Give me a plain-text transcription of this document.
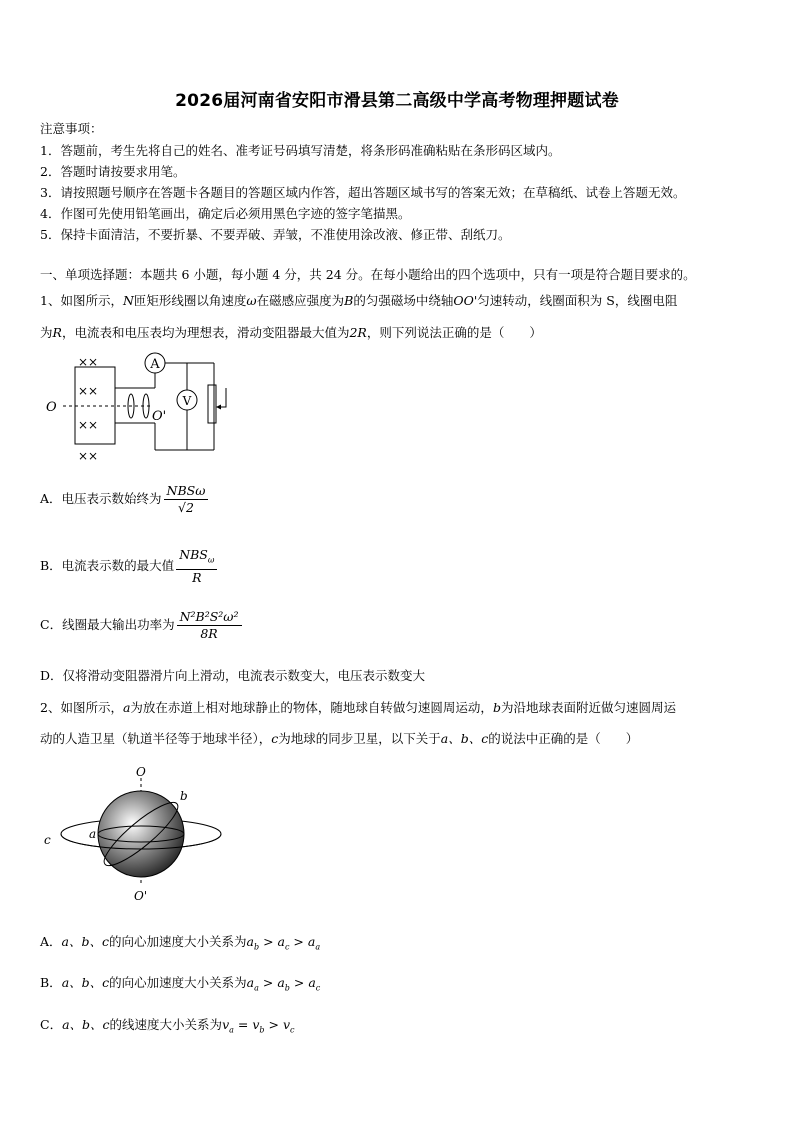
2026届河南省安阳市滑县第二高级中学高考物理押题试卷
注意事项：
1．答题前，考生先将自己的姓名、准考证号码填写清楚，将条形码准确粘贴在条形码区域内。
2．答题时请按要求用笔。
3．请按照题号顺序在答题卡各题目的答题区域内作答，超出答题区域书写的答案无效；在草稿纸、试卷上答题无效。
4．作图可先使用铅笔画出，确定后必须用黑色字迹的签字笔描黑。
5．保持卡面清洁，不要折暴、不要弄破、弄皱，不准使用涂改液、修正带、刮纸刀。
一、单项选择题：本题共 6 小题，每小题 4 分，共 24 分。在每小题给出的四个选项中，只有一项是符合题目要求的。
1、如图所示，N匝矩形线圈以角速度ω在磁感应强度为B的匀强磁场中绕轴OO'匀速转动，线圈面积为 S，线圈电阻
为R，电流表和电压表均为理想表，滑动变阻器最大值为2R，则下列说法正确的是（　　）
A
V
××
××
××
××
O
O'
A．电压表示数始终为 $\frac{\text{NBSω}}{√2}$
B．电流表示数的最大值 $\frac{NBS_\omega}{R}$
C．线圈最大输出功率为 $\frac{\text{N²B²S²ω²}}{8R}$
D．仅将滑动变阻器滑片向上滑动，电流表示数变大，电压表示数变大
2、如图所示，a为放在赤道上相对地球静止的物体，随地球自转做匀速圆周运动，b为沿地球表面附近做匀速圆周运
动的人造卫星（轨道半径等于地球半径），c为地球的同步卫星，以下关于a、b、c的说法中正确的是（　　）
O
O'
a
b
c
A．a、b、c的向心加速度大小关系为$a_b > a_c > a_a$
B．a、b、c的向心加速度大小关系为$a_a > a_b > a_c$
C．a、b、c的线速度大小关系为$v_a = v_b > v_c$
